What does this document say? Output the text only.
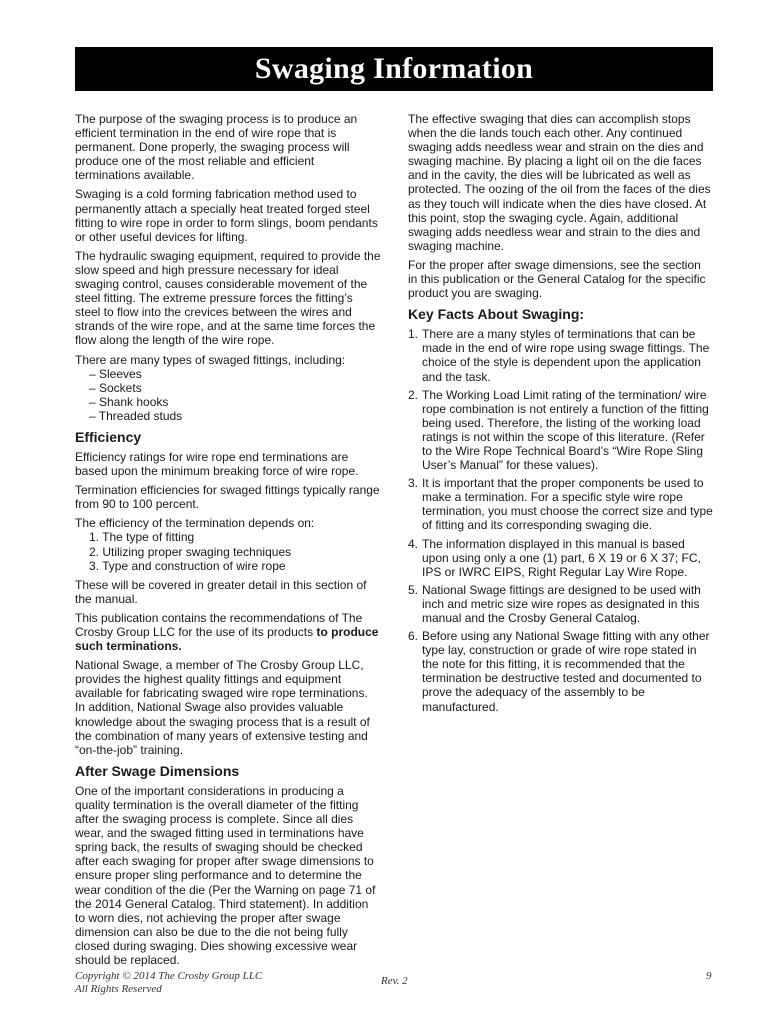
Swaging Information

The purpose of the swaging process is to produce an efficient termination in the end of wire rope that is permanent. Done properly, the swaging process will produce one of the most reliable and efficient terminations available.

Swaging is a cold forming fabrication method used to permanently attach a specially heat treated forged steel fitting to wire rope in order to form slings, boom pendants or other useful devices for lifting.

The hydraulic swaging equipment, required to provide the slow speed and high pressure necessary for ideal swaging control, causes considerable movement of the steel fitting. The extreme pressure forces the fitting’s steel to flow into the crevices between the wires and strands of the wire rope, and at the same time forces the flow along the length of the wire rope.

There are many types of swaged fittings, including:

– Sleeves
– Sockets
– Shank hooks
– Threaded studs
Efficiency

Efficiency ratings for wire rope end terminations are based upon the minimum breaking force of wire rope.

Termination efficiencies for swaged fittings typically range from 90 to 100 percent.

The efficiency of the termination depends on:

1. The type of fitting
2. Utilizing proper swaging techniques
3. Type and construction of wire rope

These will be covered in greater detail in this section of the manual.

This publication contains the recommendations of The Crosby Group LLC for the use of its products to produce such terminations.

National Swage, a member of The Crosby Group LLC, provides the highest quality fittings and equipment available for fabricating swaged wire rope terminations. In addition, National Swage also provides valuable knowledge about the swaging process that is a result of the combination of many years of extensive testing and “on-the-job” training.

After Swage Dimensions

One of the important considerations in producing a quality termination is the overall diameter of the fitting after the swaging process is complete. Since all dies wear, and the swaged fitting used in terminations have spring back, the results of swaging should be checked after each swaging for proper after swage dimensions to ensure proper sling performance and to determine the wear condition of the die (Per the Warning on page 71 of the 2014 General Catalog. Third statement). In addition to worn dies, not achieving the proper after swage dimension can also be due to the die not being fully closed during swaging. Dies showing excessive wear should be replaced.

The effective swaging that dies can accomplish stops when the die lands touch each other. Any continued swaging adds needless wear and strain on the dies and swaging machine. By placing a light oil on the die faces and in the cavity, the dies will be lubricated as well as protected. The oozing of the oil from the faces of the dies as they touch will indicate when the dies have closed. At this point, stop the swaging cycle. Again, additional swaging adds needless wear and strain to the dies and swaging machine.

For the proper after swage dimensions, see the section in this publication or the General Catalog for the specific product you are swaging.

Key Facts About Swaging:
1. There are a many styles of terminations that can be made in the end of wire rope using swage fittings. The choice of the style is dependent upon the application and the task.
2. The Working Load Limit rating of the termination/ wire rope combination is not entirely a function of the fitting being used. Therefore, the listing of the working load ratings is not within the scope of this literature. (Refer to the Wire Rope Technical Board’s “Wire Rope Sling User’s Manual” for these values).
3. It is important that the proper components be used to make a termination. For a specific style wire rope termination, you must choose the correct size and type of fitting and its corresponding swaging die.
4. The information displayed in this manual is based upon using only a one (1) part, 6 X 19 or 6 X 37; FC, IPS or IWRC EIPS, Right Regular Lay Wire Rope.
5. National Swage fittings are designed to be used with inch and metric size wire ropes as designated in this manual and the Crosby General Catalog.
6. Before using any National Swage fitting with any other type lay, construction or grade of wire rope stated in the note for this fitting, it is recommended that the termination be destructive tested and documented to prove the adequacy of the assembly to be manufactured.
Copyright © 2014 The Crosby Group LLC
All Rights Reserved
Rev. 2	9
